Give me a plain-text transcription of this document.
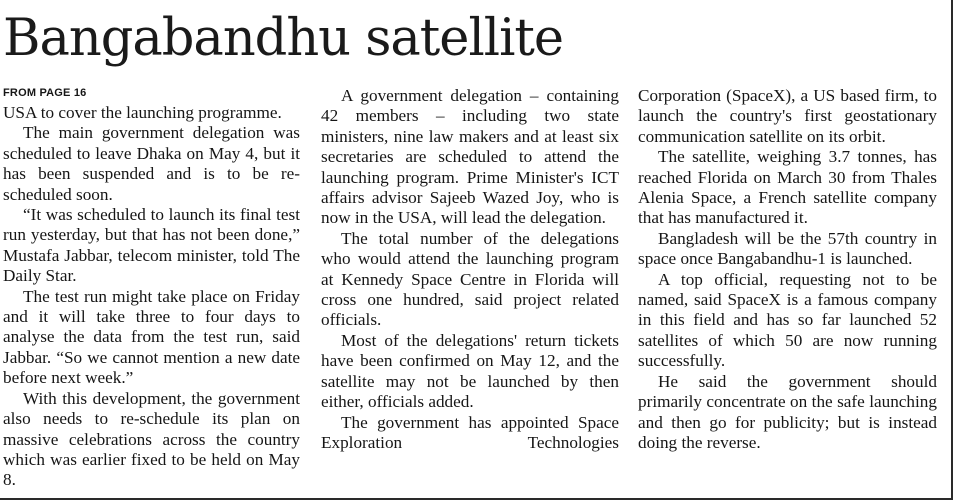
Bangabandhu satellite
FROM PAGE 16

USA to cover the launching programme.

The main government delegation was scheduled to leave Dhaka on May 4, but it has been suspended and is to be re-scheduled soon.

“It was scheduled to launch its final test run yesterday, but that has not been done,” Mustafa Jabbar, telecom minister, told The Daily Star.

The test run might take place on Friday and it will take three to four days to analyse the data from the test run, said Jabbar. “So we cannot mention a new date before next week.”

With this development, the government also needs to re-schedule its plan on massive celebrations across the country which was earlier fixed to be held on May 8.

A government delegation – containing 42 members – including two state ministers, nine law makers and at least six secretaries are scheduled to attend the launching program. Prime Minister's ICT affairs advisor Sajeeb Wazed Joy, who is now in the USA, will lead the delegation.

The total number of the delegations who would attend the launching program at Kennedy Space Centre in Florida will cross one hundred, said project related officials.

Most of the delegations' return tickets have been confirmed on May 12, and the satellite may not be launched by then either, officials added.

The government has appointed Space Exploration Technologies

Corporation (SpaceX), a US based firm, to launch the country's first geostationary communication satellite on its orbit.

The satellite, weighing 3.7 tonnes, has reached Florida on March 30 from Thales Alenia Space, a French satellite company that has manufactured it.

Bangladesh will be the 57th country in space once Bangabandhu-1 is launched.

A top official, requesting not to be named, said SpaceX is a famous company in this field and has so far launched 52 satellites of which 50 are now running successfully.

He said the government should primarily concentrate on the safe launching and then go for publicity; but is instead doing the reverse.
